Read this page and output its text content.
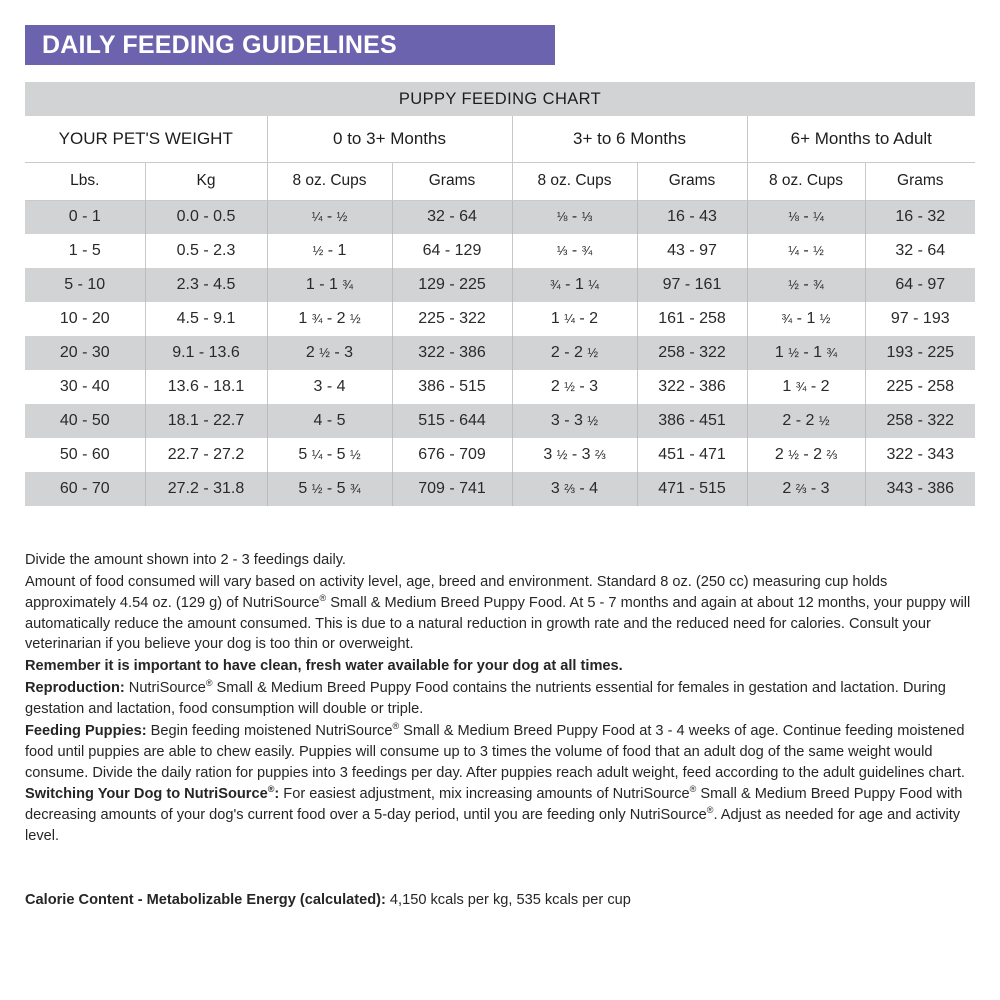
DAILY FEEDING GUIDELINES
PUPPY FEEDING CHART							
YOUR PET'S WEIGHT		0 to 3+ Months		3+ to 6 Months		6+ Months to Adult	
Lbs.	Kg	8 oz. Cups	Grams	8 oz. Cups	Grams	8 oz. Cups	Grams
0 - 1	0.0 - 0.5	¼ - ½	32 - 64	⅛ - ⅓	16 - 43	⅛ - ¼	16 - 32
1 - 5	0.5 - 2.3	½ - 1	64 - 129	⅓ - ¾	43 - 97	¼ - ½	32 - 64
5 - 10	2.3 - 4.5	1 - 1 ¾	129 - 225	¾ - 1 ¼	97 - 161	½ - ¾	64 - 97
10 - 20	4.5 - 9.1	1 ¾ - 2 ½	225 - 322	1 ¼ - 2	161 - 258	¾ - 1 ½	97 - 193
20 - 30	9.1 - 13.6	2 ½ - 3	322 - 386	2 - 2 ½	258 - 322	1 ½ - 1 ¾	193 - 225
30 - 40	13.6 - 18.1	3 - 4	386 - 515	2 ½ - 3	322 - 386	1 ¾ - 2	225 - 258
40 - 50	18.1 - 22.7	4 - 5	515 - 644	3 - 3 ½	386 - 451	2 - 2 ½	258 - 322
50 - 60	22.7 - 27.2	5 ¼ - 5 ½	676 - 709	3 ½ - 3 ⅔	451 - 471	2 ½ - 2 ⅔	322 - 343
60 - 70	27.2 - 31.8	5 ½ - 5 ¾	709 - 741	3 ⅔ - 4	471 - 515	2 ⅔ - 3	343 - 386

Divide the amount shown into 2 - 3 feedings daily.

Amount of food consumed will vary based on activity level, age, breed and environment. Standard 8 oz. (250 cc) measuring cup holds approximately 4.54 oz. (129 g) of NutriSource® Small & Medium Breed Puppy Food. At 5 - 7 months and again at about 12 months, your puppy will automatically reduce the amount consumed. This is due to a natural reduction in growth rate and the reduced need for calories. Consult your veterinarian if you believe your dog is too thin or overweight.

Remember it is important to have clean, fresh water available for your dog at all times.

Reproduction: NutriSource® Small & Medium Breed Puppy Food contains the nutrients essential for females in gestation and lactation. During gestation and lactation, food consumption will double or triple.

Feeding Puppies: Begin feeding moistened NutriSource® Small & Medium Breed Puppy Food at 3 - 4 weeks of age. Continue feeding moistened food until puppies are able to chew easily. Puppies will consume up to 3 times the volume of food that an adult dog of the same weight would consume. Divide the daily ration for puppies into 3 feedings per day. After puppies reach adult weight, feed according to the adult guidelines chart.

Switching Your Dog to NutriSource®: For easiest adjustment, mix increasing amounts of NutriSource® Small & Medium Breed Puppy Food with decreasing amounts of your dog's current food over a 5-day period, until you are feeding only NutriSource®. Adjust as needed for age and activity level.

Calorie Content - Metabolizable Energy (calculated): 4,150 kcals per kg, 535 kcals per cup
